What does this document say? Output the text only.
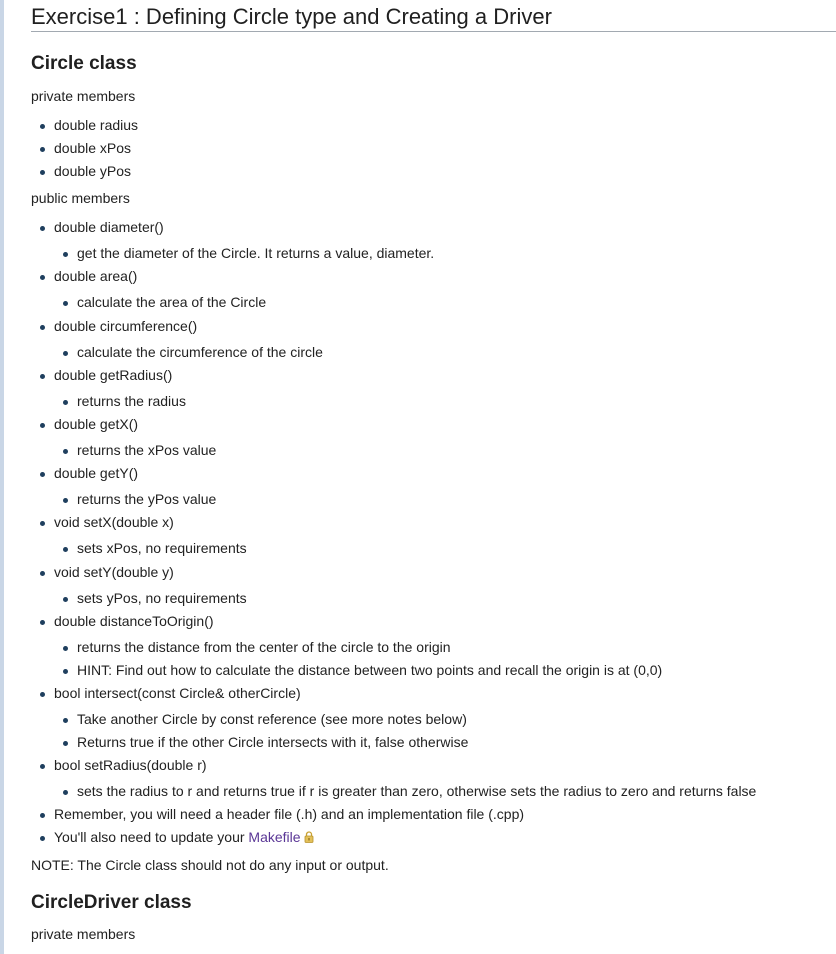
Exercise1 : Defining Circle type and Creating a Driver
Circle class

private members

double radius
double xPos
double yPos

public members

double diameter()
get the diameter of the Circle. It returns a value, diameter.
double area()
calculate the area of the Circle
double circumference()
calculate the circumference of the circle
double getRadius()
returns the radius
double getX()
returns the xPos value
double getY()
returns the yPos value
void setX(double x)
sets xPos, no requirements
void setY(double y)
sets yPos, no requirements
double distanceToOrigin()
returns the distance from the center of the circle to the origin
HINT: Find out how to calculate the distance between two points and recall the origin is at (0,0)
bool intersect(const Circle& otherCircle)
Take another Circle by const reference (see more notes below)
Returns true if the other Circle intersects with it, false otherwise
bool setRadius(double r)
sets the radius to r and returns true if r is greater than zero, otherwise sets the radius to zero and returns false
Remember, you will need a header file (.h) and an implementation file (.cpp)
You'll also need to update your Makefile

NOTE: The Circle class should not do any input or output.

CircleDriver class

private members
